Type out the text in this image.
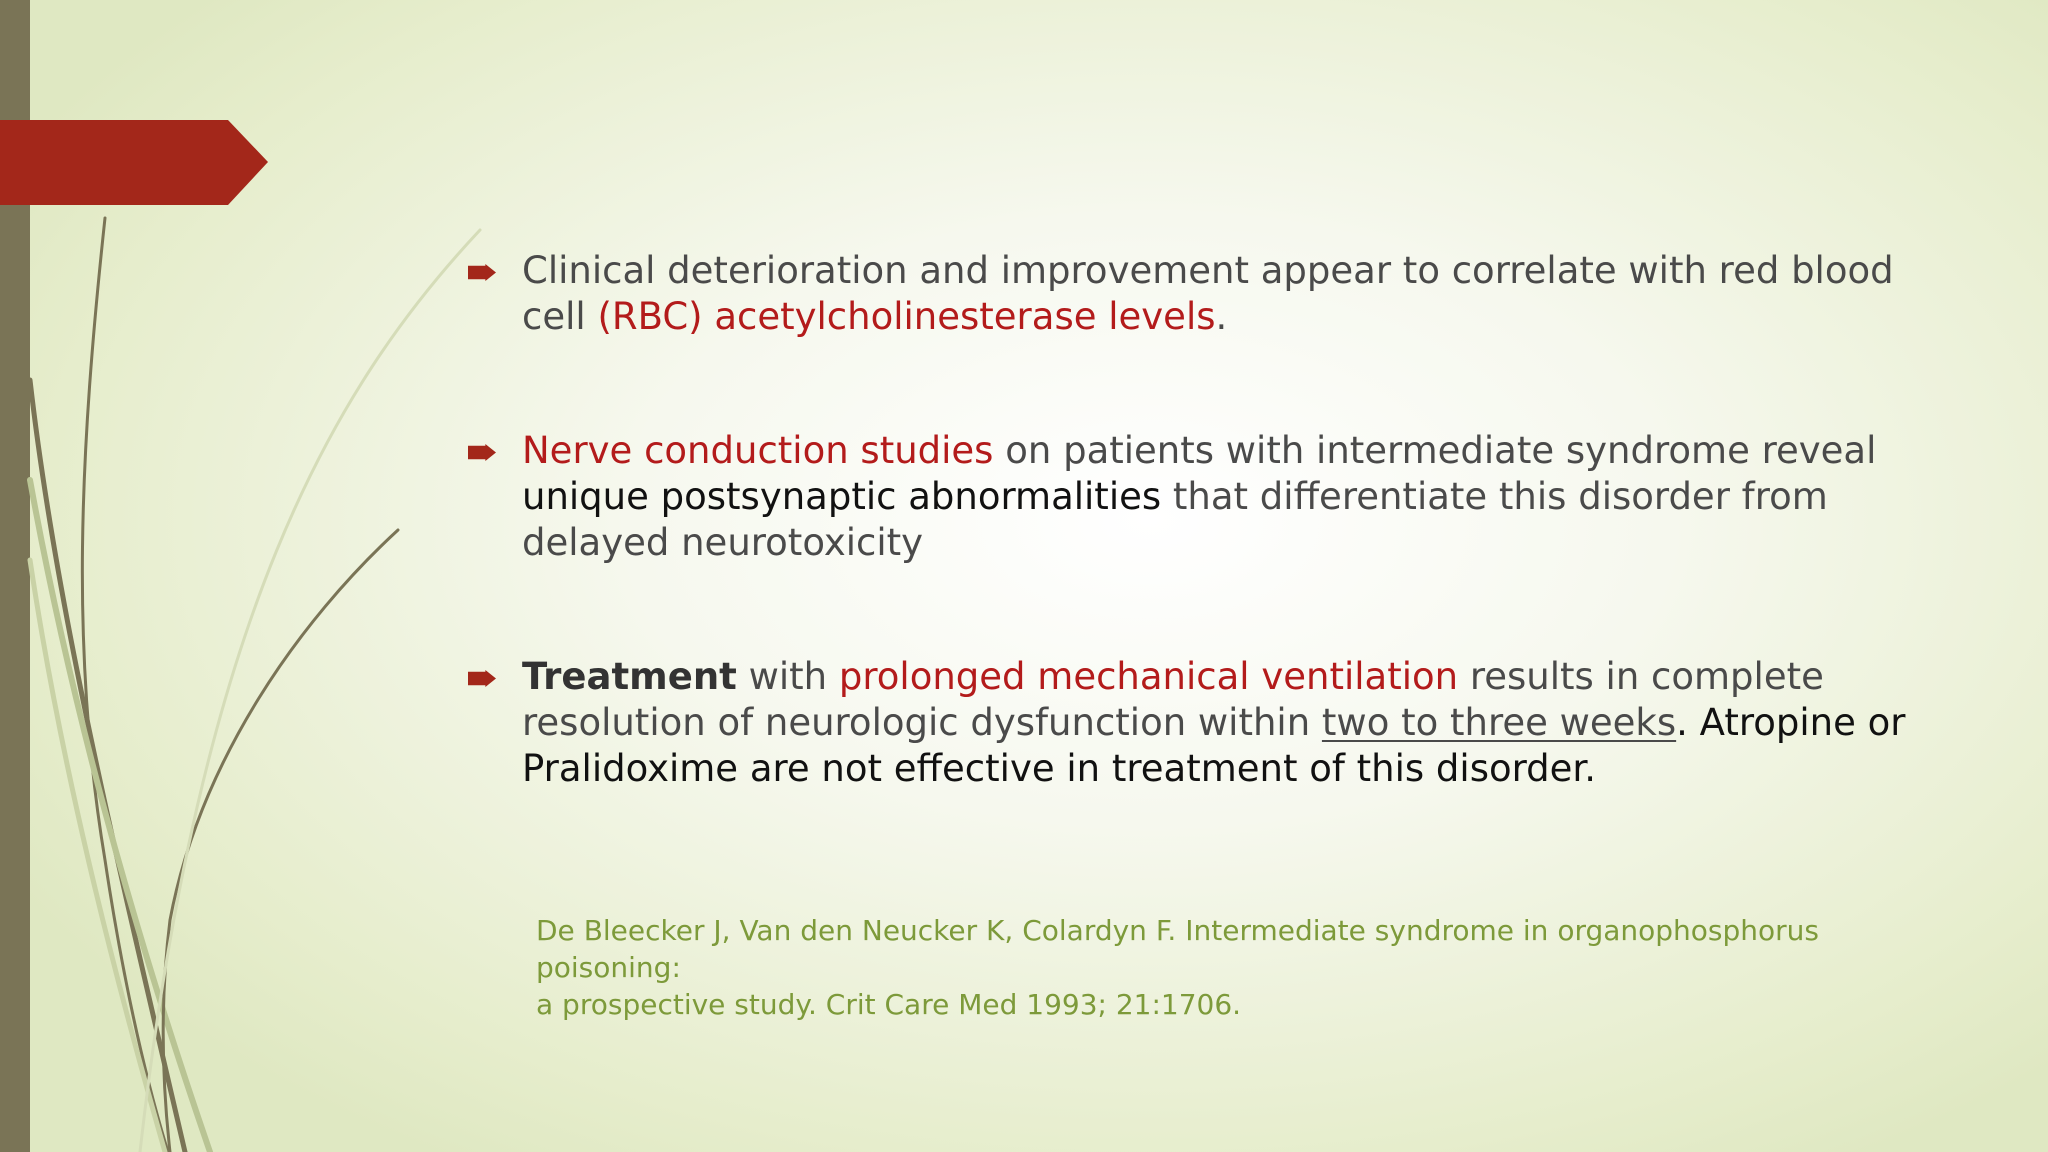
Clinical deterioration and improvement appear to correlate with red blood cell (RBC) acetylcholinesterase levels.
Nerve conduction studies on patients with intermediate syndrome reveal unique postsynaptic abnormalities that differentiate this disorder from delayed neurotoxicity
Treatment with prolonged mechanical ventilation results in complete resolution of neurologic dysfunction within two to three weeks. Atropine or Pralidoxime are not effective in treatment of this disorder.
De Bleecker J, Van den Neucker K, Colardyn F. Intermediate syndrome in organophosphorus poisoning:
a prospective study. Crit Care Med 1993; 21:1706.
